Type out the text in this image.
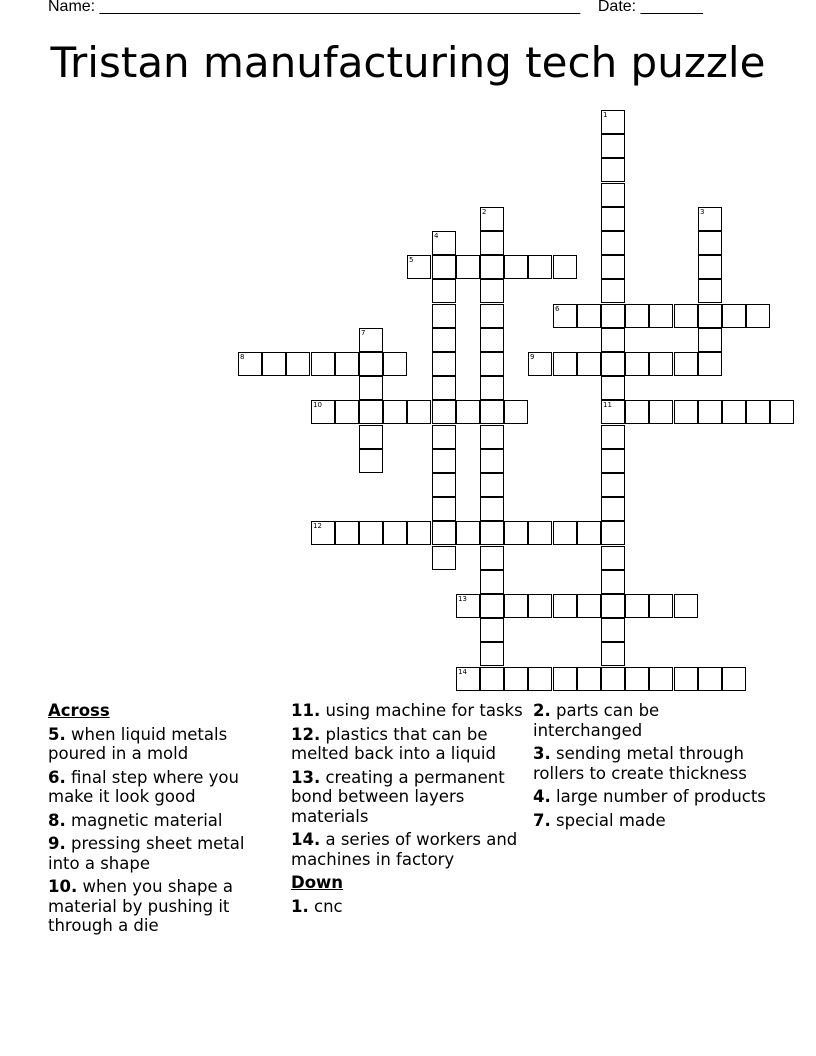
Name: ______________________________________________________ Date: _______
Tristan manufacturing tech puzzle
1
11
2	3
4
5
6
7
8	9
10
12
13
14
Across
5. when liquid metals poured in a mold
6. final step where you make it look good
8. magnetic material
9. pressing sheet metal into a shape
10. when you shape a material by pushing it through a die
11. using machine for tasks
12. plastics that can be melted back into a liquid
13. creating a permanent bond between layers materials
14. a series of workers and machines in factory
Down
1. cnc
2. parts can be interchanged
3. sending metal through rollers to create thickness
4. large number of products
7. special made
